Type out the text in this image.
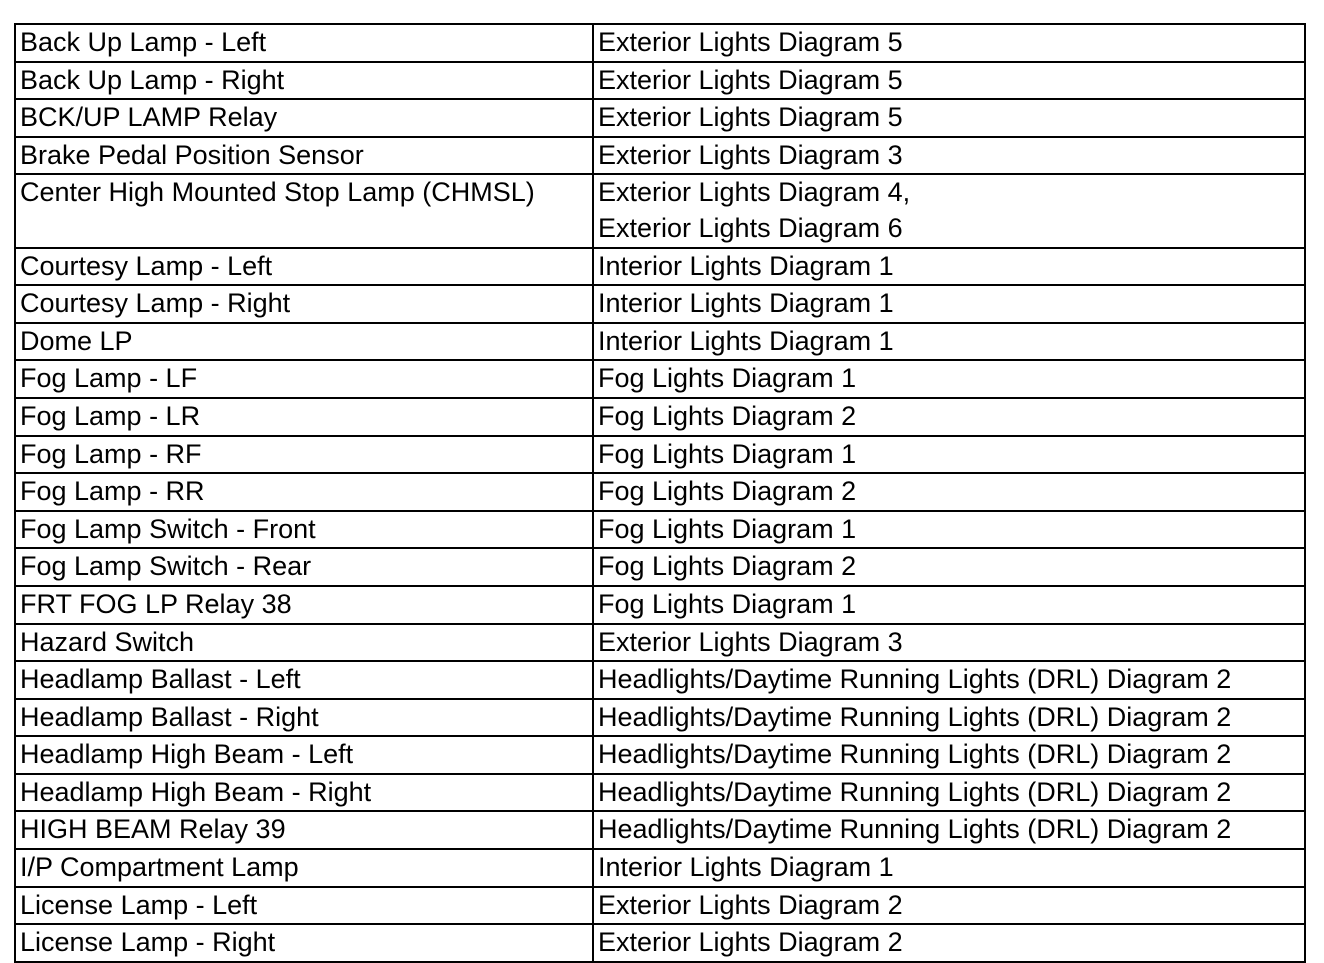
Back Up Lamp - Left	Exterior Lights Diagram 5

Back Up Lamp - Right	Exterior Lights Diagram 5

BCK/UP LAMP Relay	Exterior Lights Diagram 5

Brake Pedal Position Sensor	Exterior Lights Diagram 3

Center High Mounted Stop Lamp (CHMSL)	Exterior Lights Diagram 4,
Exterior Lights Diagram 6

Courtesy Lamp - Left	Interior Lights Diagram 1

Courtesy Lamp - Right	Interior Lights Diagram 1

Dome LP	Interior Lights Diagram 1

Fog Lamp - LF	Fog Lights Diagram 1

Fog Lamp - LR	Fog Lights Diagram 2

Fog Lamp - RF	Fog Lights Diagram 1

Fog Lamp - RR	Fog Lights Diagram 2

Fog Lamp Switch - Front	Fog Lights Diagram 1

Fog Lamp Switch - Rear	Fog Lights Diagram 2

FRT FOG LP Relay 38	Fog Lights Diagram 1

Hazard Switch	Exterior Lights Diagram 3

Headlamp Ballast - Left	Headlights/Daytime Running Lights (DRL) Diagram 2

Headlamp Ballast - Right	Headlights/Daytime Running Lights (DRL) Diagram 2

Headlamp High Beam - Left	Headlights/Daytime Running Lights (DRL) Diagram 2

Headlamp High Beam - Right	Headlights/Daytime Running Lights (DRL) Diagram 2

HIGH BEAM Relay 39	Headlights/Daytime Running Lights (DRL) Diagram 2

I/P Compartment Lamp	Interior Lights Diagram 1

License Lamp - Left	Exterior Lights Diagram 2

License Lamp - Right	Exterior Lights Diagram 2
